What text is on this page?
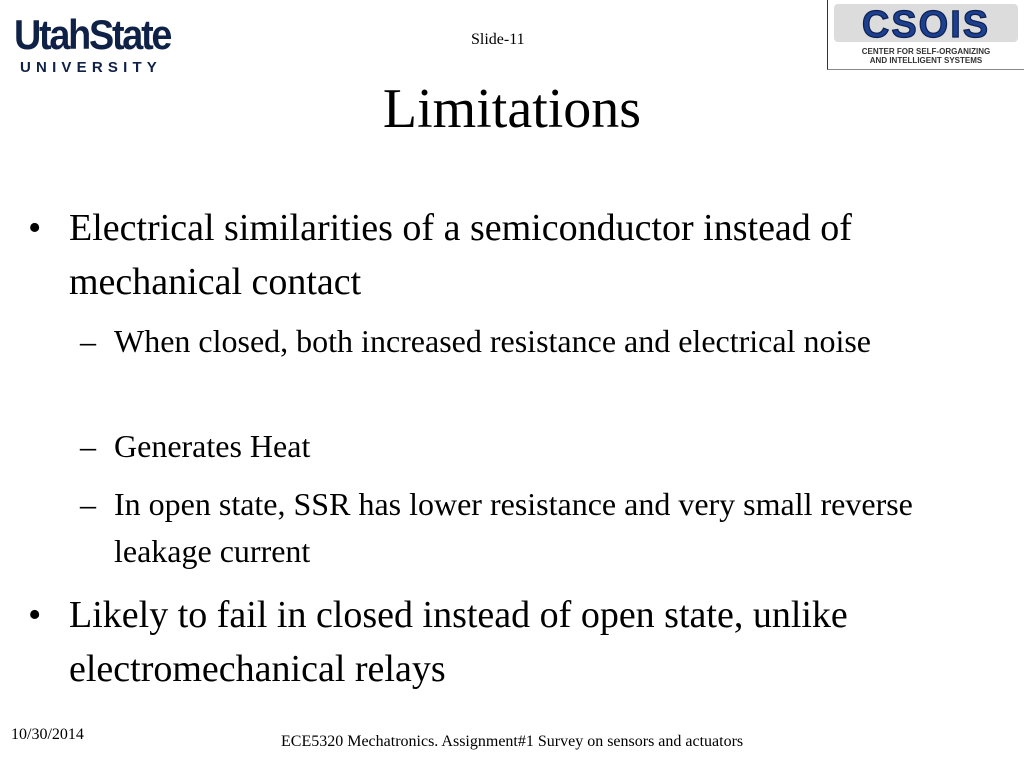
UtahState
UNIVERSITY
Slide-11	CSOIS
CENTER FOR SELF-ORGANIZING
AND INTELLIGENT SYSTEMS
Limitations
• Electrical similarities of a semiconductor instead of mechanical contact
– When closed, both increased resistance and electrical noise
– Generates Heat
– In open state, SSR has lower resistance and very small reverse leakage current
• Likely to fail in closed instead of open state, unlike electromechanical relays
10/30/2014	ECE5320 Mechatronics. Assignment#1 Survey on sensors and actuators
